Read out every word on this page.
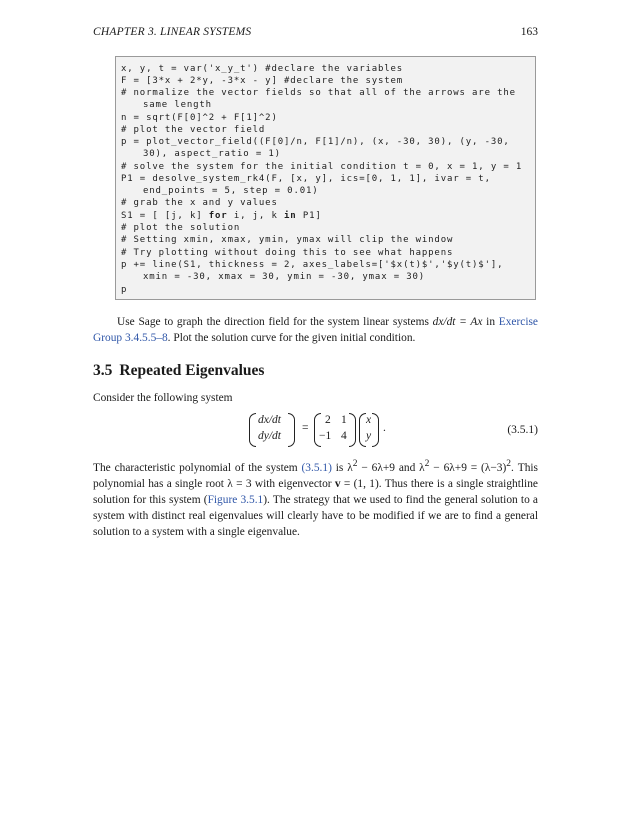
CHAPTER 3. LINEAR SYSTEMS	163
x, y, t = var('x_y_t') #declare the variables
F = [3*x + 2*y, -3*x - y] #declare the system
# normalize the vector fields so that all of the arrows are the
same length
n = sqrt(F[0]^2 + F[1]^2)
# plot the vector field
p = plot_vector_field((F[0]/n, F[1]/n), (x, -30, 30), (y, -30,
30), aspect_ratio = 1)
# solve the system for the initial condition t = 0, x = 1, y = 1
P1 = desolve_system_rk4(F, [x, y], ics=[0, 1, 1], ivar = t,
end_points = 5, step = 0.01)
# grab the x and y values
S1 = [ [j, k] for i, j, k in P1]
# plot the solution
# Setting xmin, xmax, ymin, ymax will clip the window
# Try plotting without doing this to see what happens
p += line(S1, thickness = 2, axes_labels=['$x(t)$','$y(t)$'],
xmin = -30, xmax = 30, ymin = -30, ymax = 30)
p
Use Sage to graph the direction field for the system linear systems dx/dt = Ax in Exercise Group 3.4.5.5–8. Plot the solution curve for the given initial condition.
3.5 Repeated Eigenvalues
Consider the following system
dx/dt
dy/dt
=
2 1
−1 4
x
y
.	(3.5.1)
The characteristic polynomial of the system (3.5.1) is $\lambda^2 - 6\lambda+9$ and $\lambda^2 - 6\lambda+9 = (\lambda-3)^2$. This polynomial has a single root λ = 3 with eigenvector v = (1, 1). Thus there is a single straightline solution for this system (Figure 3.5.1). The strategy that we used to find the general solution to a system with distinct real eigenvalues will clearly have to be modified if we are to find a general solution to a system with a single eigenvalue.
